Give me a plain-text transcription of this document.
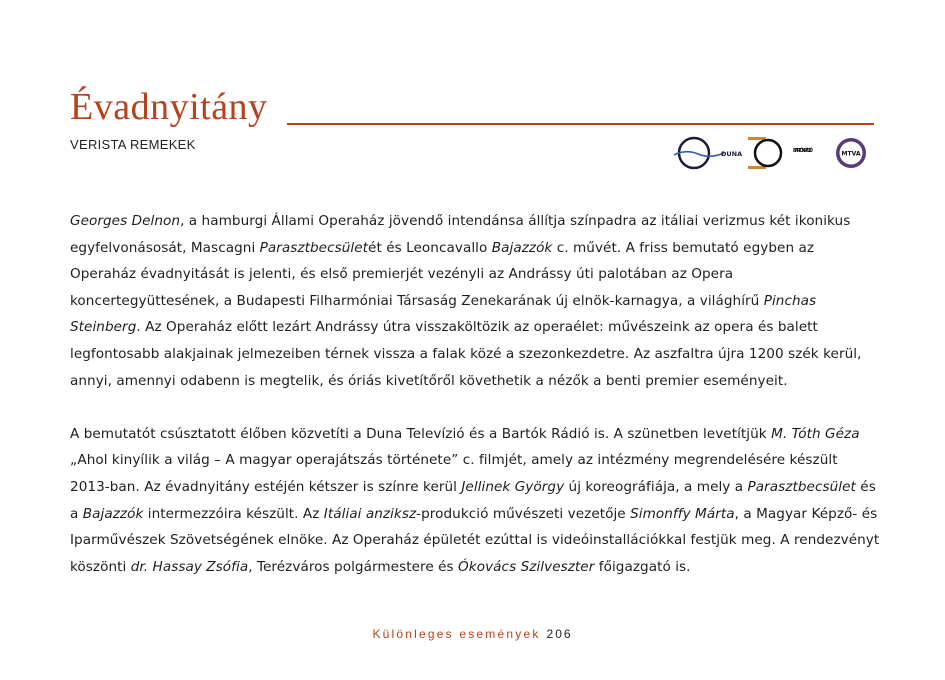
Évadnyitány
VERISTA REMEKEK
DUNA	BARTÓK RÁDIÓ	MTVA

Georges Delnon, a hamburgi Állami Operaház jövendő intendánsa állítja színpadra az itáliai verizmus két ikonikus egyfelvonásosát, Mascagni Parasztbecsületét és Leoncavallo Bajazzók c. művét. A friss bemutató egyben az Operaház évadnyitását is jelenti, és első premierjét vezényli az Andrássy úti palotában az Opera koncertegyüttesének, a Budapesti Filharmóniai Társaság Zenekarának új elnök-karnagya, a világhírű Pinchas Steinberg. Az Operaház előtt lezárt Andrássy útra visszaköltözik az operaélet: művészeink az opera és balett legfontosabb alakjainak jelmezeiben térnek vissza a falak közé a szezonkezdetre. Az aszfaltra újra 1200 szék kerül, annyi, amennyi odabenn is megtelik, és óriás kivetítőről követhetik a nézők a benti premier eseményeit.

A bemutatót csúsztatott élőben közvetíti a Duna Televízió és a Bartók Rádió is. A szünetben levetítjük M. Tóth Géza „Ahol kinyílik a világ – A magyar operajátszás története” c. filmjét, amely az intézmény megrendelésére készült 2013-ban. Az évadnyitány estéjén kétszer is színre kerül Jellinek György új koreográfiája, a mely a Parasztbecsület és a Bajazzók intermezzóira készült. Az Itáliai anziksz-produkció művészeti vezetője Simonffy Márta, a Magyar Képző- és Iparművészek Szövetségének elnöke. Az Operaház épületét ezúttal is videóinstallációkkal festjük meg. A rendezvényt köszönti dr. Hassay Zsófia, Terézváros polgármestere és Ókovács Szilveszter főigazgató is.

Különleges események 206
